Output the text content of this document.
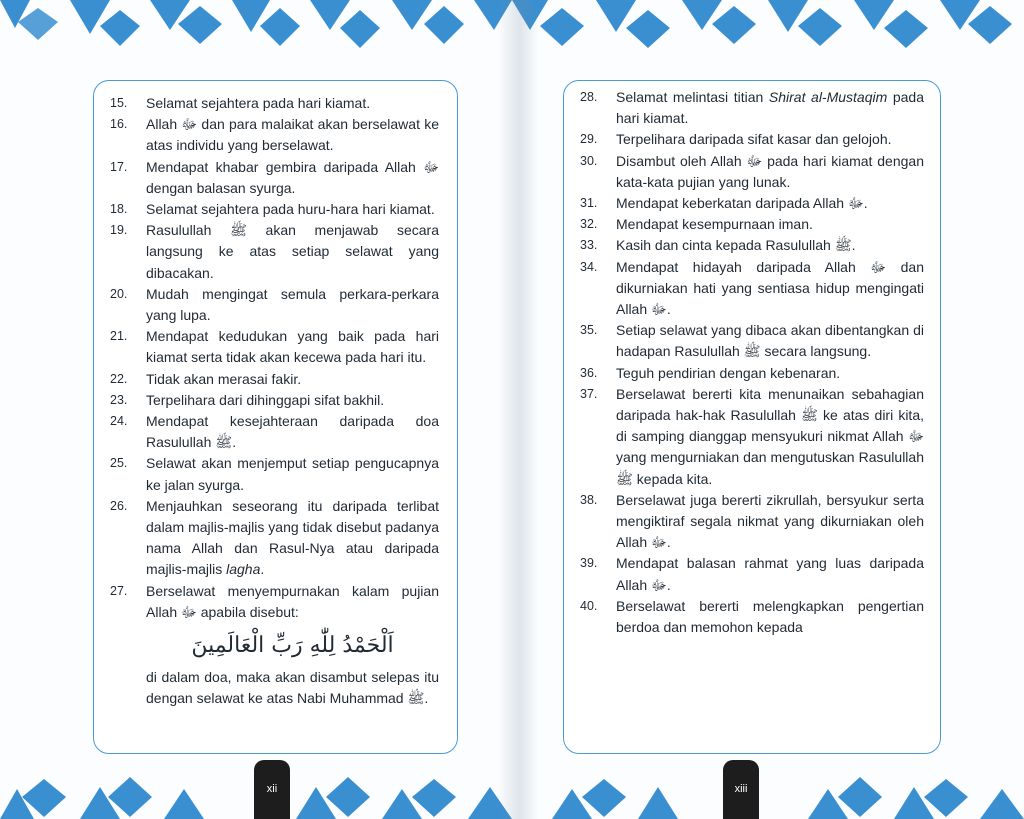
15.	Selamat sejahtera pada hari kiamat.
16.	Allah ﷻ dan para malaikat akan berselawat ke atas individu yang berselawat.
17.	Mendapat khabar gembira daripada Allah ﷻ dengan balasan syurga.
18.	Selamat sejahtera pada huru-hara hari kiamat.
19.	Rasulullah ﷺ akan menjawab secara langsung ke atas setiap selawat yang dibacakan.
20.	Mudah mengingat semula perkara-perkara yang lupa.
21.	Mendapat kedudukan yang baik pada hari kiamat serta tidak akan kecewa pada hari itu.
22.	Tidak akan merasai fakir.
23.	Terpelihara dari dihinggapi sifat bakhil.
24.	Mendapat kesejahteraan daripada doa Rasulullah ﷺ.
25.	Selawat akan menjemput setiap pengucapnya ke jalan syurga.
26.	Menjauhkan seseorang itu daripada terlibat dalam majlis-majlis yang tidak disebut padanya nama Allah dan Rasul-Nya atau daripada majlis-majlis lagha.
27.	Berselawat menyempurnakan kalam pujian Allah ﷻ apabila disebut:
اَلْحَمْدُ لِلّٰهِ رَبِّ الْعَالَمِينَ
di dalam doa, maka akan disambut selepas itu dengan selawat ke atas Nabi Muhammad ﷺ.
xii
28.	Selamat melintasi titian Shirat al-Mustaqim pada hari kiamat.
29.	Terpelihara daripada sifat kasar dan gelojoh.
30.	Disambut oleh Allah ﷻ pada hari kiamat dengan kata-kata pujian yang lunak.
31.	Mendapat keberkatan daripada Allah ﷻ.
32.	Mendapat kesempurnaan iman.
33.	Kasih dan cinta kepada Rasulullah ﷺ.
34.	Mendapat hidayah daripada Allah ﷻ dan dikurniakan hati yang sentiasa hidup mengingati Allah ﷻ.
35.	Setiap selawat yang dibaca akan dibentangkan di hadapan Rasulullah ﷺ secara langsung.
36.	Teguh pendirian dengan kebenaran.
37.	Berselawat bererti kita menunaikan sebahagian daripada hak-hak Rasulullah ﷺ ke atas diri kita, di samping dianggap mensyukuri nikmat Allah ﷻ yang mengurniakan dan mengutuskan Rasulullah ﷺ kepada kita.
38.	Berselawat juga bererti zikrullah, bersyukur serta mengiktiraf segala nikmat yang dikurniakan oleh Allah ﷻ.
39.	Mendapat balasan rahmat yang luas daripada Allah ﷻ.
40.	Berselawat bererti melengkapkan pengertian berdoa dan memohon kepada
xiii
